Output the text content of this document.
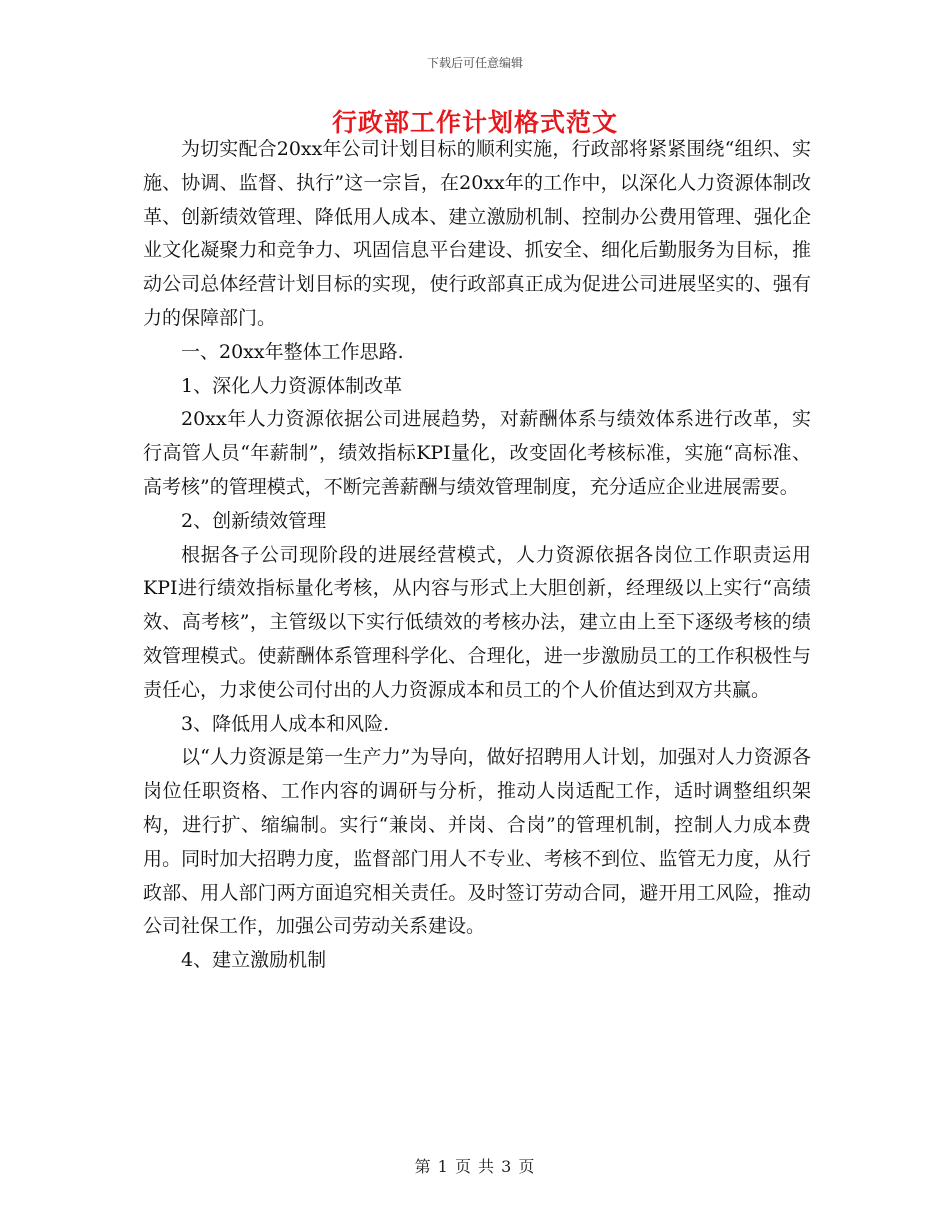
下载后可任意编辑
行政部工作计划格式范文

为切实配合20xx年公司计划目标的顺利实施，行政部将紧紧围绕“组织、实施、协调、监督、执行”这一宗旨，在20xx年的工作中，以深化人力资源体制改革、创新绩效管理、降低用人成本、建立激励机制、控制办公费用管理、强化企业文化凝聚力和竞争力、巩固信息平台建设、抓安全、细化后勤服务为目标，推动公司总体经营计划目标的实现，使行政部真正成为促进公司进展坚实的、强有力的保障部门。

一、20xx年整体工作思路.

1、深化人力资源体制改革

20xx年人力资源依据公司进展趋势，对薪酬体系与绩效体系进行改革，实行高管人员“年薪制”，绩效指标KPI量化，改变固化考核标准，实施“高标准、高考核”的管理模式，不断完善薪酬与绩效管理制度，充分适应企业进展需要。

2、创新绩效管理

根据各子公司现阶段的进展经营模式，人力资源依据各岗位工作职责运用KPI进行绩效指标量化考核，从内容与形式上大胆创新，经理级以上实行“高绩效、高考核”，主管级以下实行低绩效的考核办法，建立由上至下逐级考核的绩效管理模式。使薪酬体系管理科学化、合理化，进一步激励员工的工作积极性与责任心，力求使公司付出的人力资源成本和员工的个人价值达到双方共赢。

3、降低用人成本和风险.

以“人力资源是第一生产力”为导向，做好招聘用人计划，加强对人力资源各岗位任职资格、工作内容的调研与分析，推动人岗适配工作，适时调整组织架构，进行扩、缩编制。实行“兼岗、并岗、合岗”的管理机制，控制人力成本费用。同时加大招聘力度，监督部门用人不专业、考核不到位、监管无力度，从行政部、用人部门两方面追究相关责任。及时签订劳动合同，避开用工风险，推动公司社保工作，加强公司劳动关系建设。

4、建立激励机制

第 1 页 共 3 页
